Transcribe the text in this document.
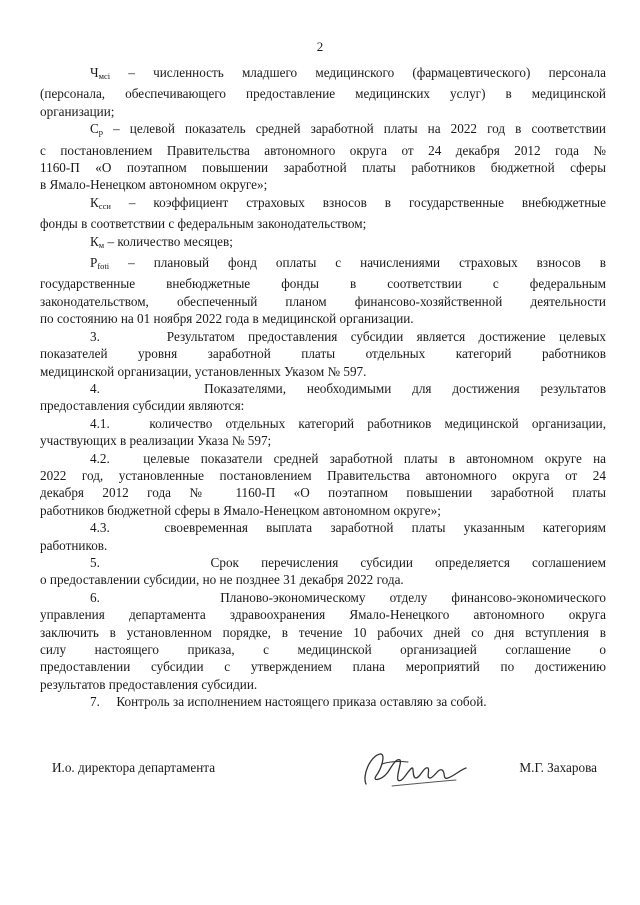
2
$Ч_{мсi}$ – численность младшего медицинского (фармацевтического) персонала
(персонала, обеспечивающего предоставление медицинских услуг) в медицинской
организации;
$С_р$ – целевой показатель средней заработной платы на 2022 год в соответствии
с постановлением Правительства автономного округа от 24 декабря 2012 года №
1160-П «О поэтапном повышении заработной платы работников бюджетной сферы
в Ямало-Ненецком автономном округе»;
$К_{сси}$ – коэффициент страховых взносов в государственные внебюджетные
фонды в соответствии с федеральным законодательством;
$К_м$ – количество месяцев;
$Р_{foti}$ – плановый фонд оплаты с начислениями страховых взносов в
государственные внебюджетные фонды в соответствии с федеральным
законодательством, обеспеченный планом финансово-хозяйственной деятельности
по состоянию на 01 ноября 2022 года в медицинской организации.
3.     Результатом предоставления субсидии является достижение целевых
показателей уровня заработной платы отдельных категорий работников
медицинской организации, установленных Указом № 597.
4.     Показателями, необходимыми для достижения результатов
предоставления субсидии являются:
4.1.   количество отдельных категорий работников медицинской организации,
участвующих в реализации Указа № 597;
4.2.   целевые показатели средней заработной платы в автономном округе на
2022 год, установленные постановлением Правительства автономного округа от 24
декабря 2012 года № 1160-П «О поэтапном повышении заработной платы
работников бюджетной сферы в Ямало-Ненецком автономном округе»;
4.3.   своевременная выплата заработной платы указанным категориям
работников.
5.     Срок перечисления субсидии определяется соглашением
о предоставлении субсидии, но не позднее 31 декабря 2022 года.
6.     Планово-экономическому отделу финансово-экономического
управления департамента здравоохранения Ямало-Ненецкого автономного округа
заключить в установленном порядке, в течение 10 рабочих дней со дня вступления в
силу настоящего приказа, с медицинской организацией соглашение о
предоставлении субсидии с утверждением плана мероприятий по достижению
результатов предоставления субсидии.
7.     Контроль за исполнением настоящего приказа оставляю за собой.
И.о. директора департамента	М.Г. Захарова
